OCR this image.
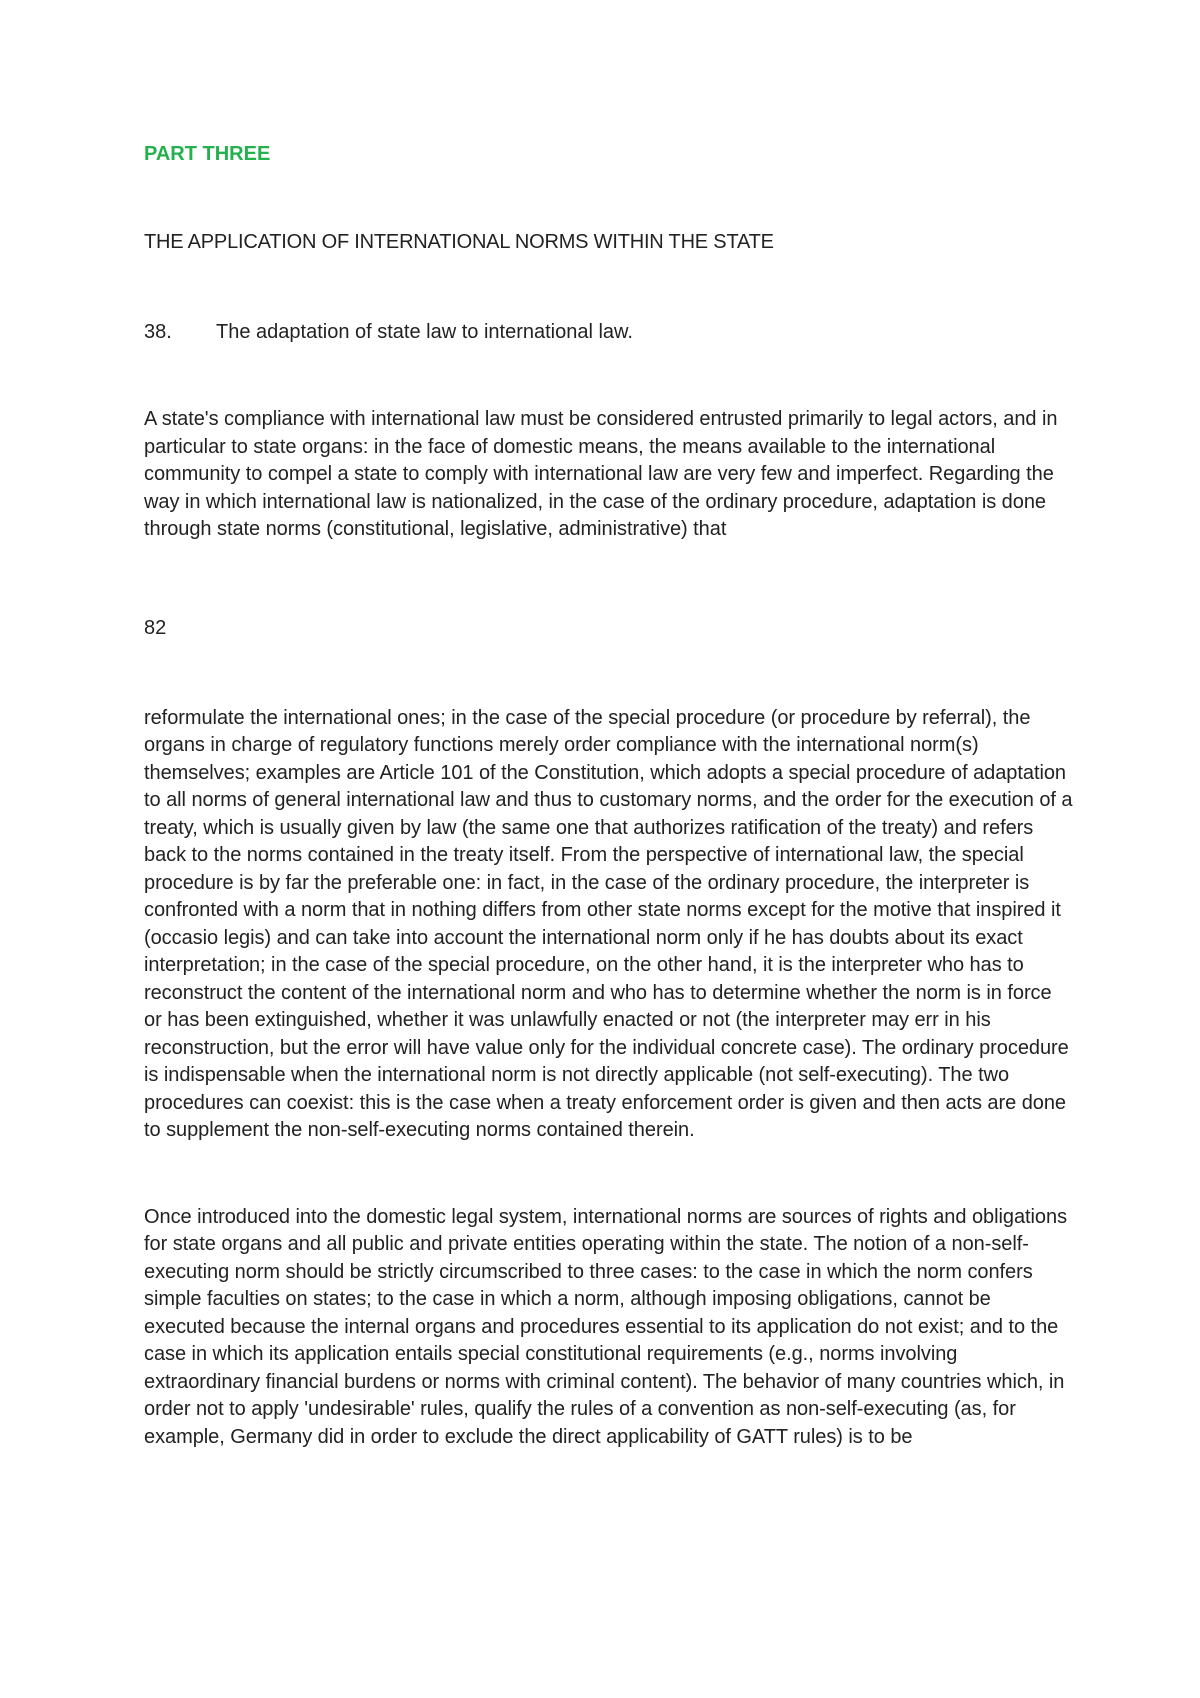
PART THREE
THE APPLICATION OF INTERNATIONAL NORMS WITHIN THE STATE
38.	The adaptation of state law to international law.

A state's compliance with international law must be considered entrusted primarily to legal actors, and in particular to state organs: in the face of domestic means, the means available to the international community to compel a state to comply with international law are very few and imperfect. Regarding the way in which international law is nationalized, in the case of the ordinary procedure, adaptation is done through state norms (constitutional, legislative, administrative) that

82

reformulate the international ones; in the case of the special procedure (or procedure by referral), the organs in charge of regulatory functions merely order compliance with the international norm(s) themselves; examples are Article 101 of the Constitution, which adopts a special procedure of adaptation to all norms of general international law and thus to customary norms, and the order for the execution of a treaty, which is usually given by law (the same one that authorizes ratification of the treaty) and refers back to the norms contained in the treaty itself. From the perspective of international law, the special procedure is by far the preferable one: in fact, in the case of the ordinary procedure, the interpreter is confronted with a norm that in nothing differs from other state norms except for the motive that inspired it (occasio legis) and can take into account the international norm only if he has doubts about its exact interpretation; in the case of the special procedure, on the other hand, it is the interpreter who has to reconstruct the content of the international norm and who has to determine whether the norm is in force or has been extinguished, whether it was unlawfully enacted or not (the interpreter may err in his reconstruction, but the error will have value only for the individual concrete case). The ordinary procedure is indispensable when the international norm is not directly applicable (not self-executing). The two procedures can coexist: this is the case when a treaty enforcement order is given and then acts are done to supplement the non-self-executing norms contained therein.

Once introduced into the domestic legal system, international norms are sources of rights and obligations for state organs and all public and private entities operating within the state. The notion of a non-self-executing norm should be strictly circumscribed to three cases: to the case in which the norm confers simple faculties on states; to the case in which a norm, although imposing obligations, cannot be executed because the internal organs and procedures essential to its application do not exist; and to the case in which its application entails special constitutional requirements (e.g., norms involving extraordinary financial burdens or norms with criminal content). The behavior of many countries which, in order not to apply 'undesirable' rules, qualify the rules of a convention as non-self-executing (as, for example, Germany did in order to exclude the direct applicability of GATT rules) is to be
